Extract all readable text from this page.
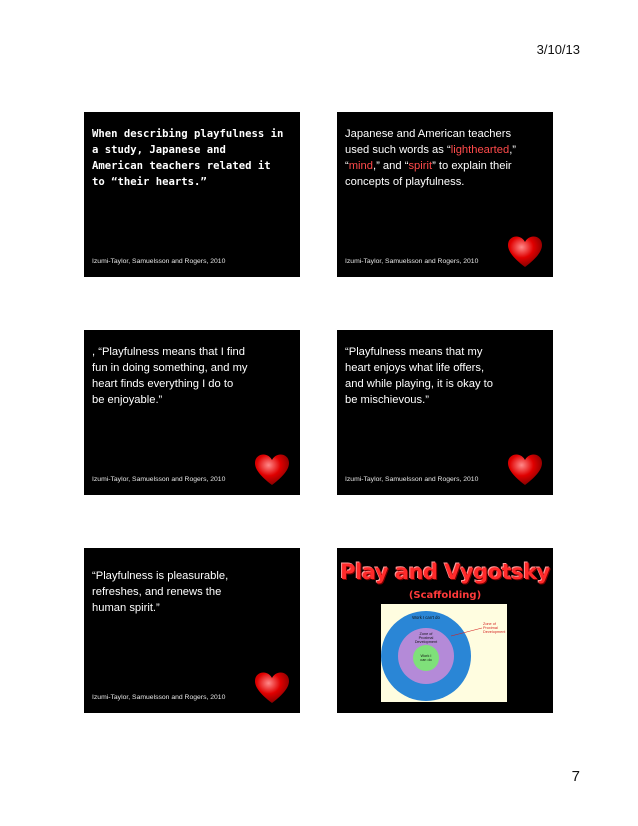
3/10/13
When describing playfulness in
a study, Japanese and
American teachers related it
to “their hearts.”
Izumi-Taylor, Samuelsson and Rogers, 2010
Japanese and American teachers
used such words as “lighthearted,”
“mind,” and “spirit” to explain their
concepts of playfulness.
Izumi-Taylor, Samuelsson and Rogers, 2010
, “Playfulness means that I find
fun in doing something, and my
heart finds everything I do to
be enjoyable.”
Izumi-Taylor, Samuelsson and Rogers, 2010
“Playfulness means that my
heart enjoys what life offers,
and while playing, it is okay to
be mischievous.”
Izumi-Taylor, Samuelsson and Rogers, 2010
“Playfulness is pleasurable,
refreshes, and renews the
human spirit.”
Izumi-Taylor, Samuelsson and Rogers, 2010
Play and Vygotsky
(Scaffolding)
Work I can't do
Zone of
Proximal
Development
Work I
can do
Zone of
Proximal
Development
7
